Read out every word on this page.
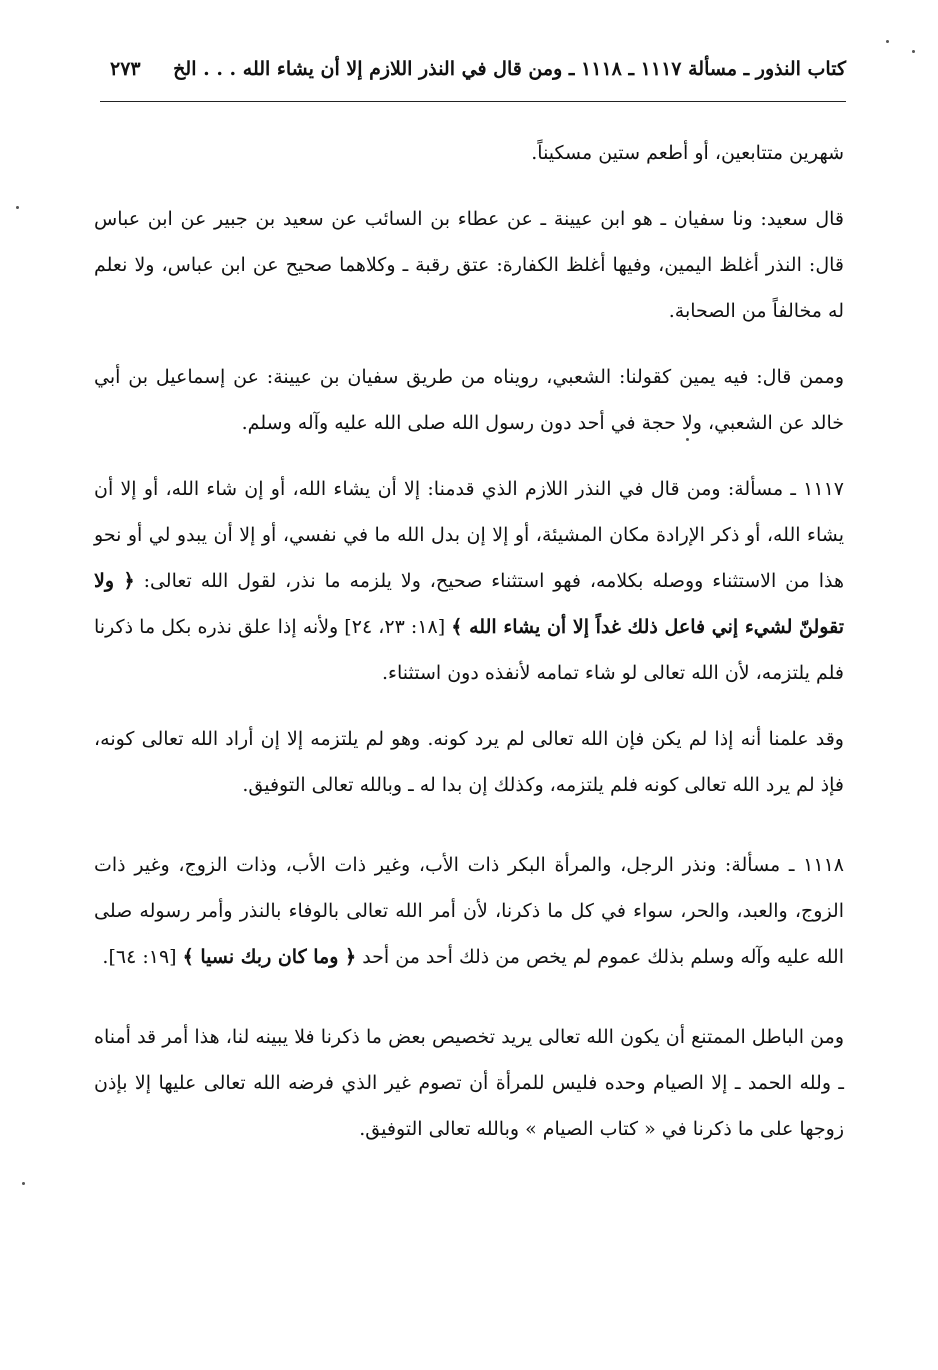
كتاب النذور ـ مسألة ١١١٧ ـ ١١١٨ ـ ومن قال في النذر اللازم إلا أن يشاء الله . . . الخ
٢٧٣

شهرين متتابعين، أو أطعم ستين مسكيناً.

قال سعيد: ونا سفيان ـ هو ابن عيينة ـ عن عطاء بن السائب عن سعيد بن جبير عن ابن عباس قال: النذر أغلظ اليمين، وفيها أغلظ الكفارة: عتق رقبة ـ وكلاهما صحيح عن ابن عباس، ولا نعلم له مخالفاً من الصحابة.

وممن قال: فيه يمين كقولنا: الشعبي، رويناه من طريق سفيان بن عيينة: عن إسماعيل بن أبي خالد عن الشعبي، ولا حجة في أحد دون رسول الله صلى الله عليه وآله وسلم.

١١١٧ ـ مسألة: ومن قال في النذر اللازم الذي قدمنا: إلا أن يشاء الله، أو إن شاء الله، أو إلا أن يشاء الله، أو ذكر الإرادة مكان المشيئة، أو إلا إن بدل الله ما في نفسي، أو إلا أن يبدو لي أو نحو هذا من الاستثناء ووصله بكلامه، فهو استثناء صحيح، ولا يلزمه ما نذر، لقول الله تعالى: ﴿ ولا تقولنّ لشيء إني فاعل ذلك غداً إلا أن يشاء الله ﴾ [١٨: ٢٣، ٢٤] ولأنه إذا علق نذره بكل ما ذكرنا فلم يلتزمه، لأن الله تعالى لو شاء تمامه لأنفذه دون استثناء.

وقد علمنا أنه إذا لم يكن فإن الله تعالى لم يرد كونه. وهو لم يلتزمه إلا إن أراد الله تعالى كونه، فإذ لم يرد الله تعالى كونه فلم يلتزمه، وكذلك إن بدا له ـ وبالله تعالى التوفيق.

١١١٨ ـ مسألة: ونذر الرجل، والمرأة البكر ذات الأب، وغير ذات الأب، وذات الزوج، وغير ذات الزوج، والعبد، والحر، سواء في كل ما ذكرنا، لأن أمر الله تعالى بالوفاء بالنذر وأمر رسوله صلى الله عليه وآله وسلم بذلك عموم لم يخص من ذلك أحد من أحد ﴿ وما كان ربك نسيا ﴾ [١٩: ٦٤].

ومن الباطل الممتنع أن يكون الله تعالى يريد تخصيص بعض ما ذكرنا فلا يبينه لنا، هذا أمر قد أمناه ـ ولله الحمد ـ إلا الصيام وحده فليس للمرأة أن تصوم غير الذي فرضه الله تعالى عليها إلا بإذن زوجها على ما ذكرنا في « كتاب الصيام » وبالله تعالى التوفيق.
